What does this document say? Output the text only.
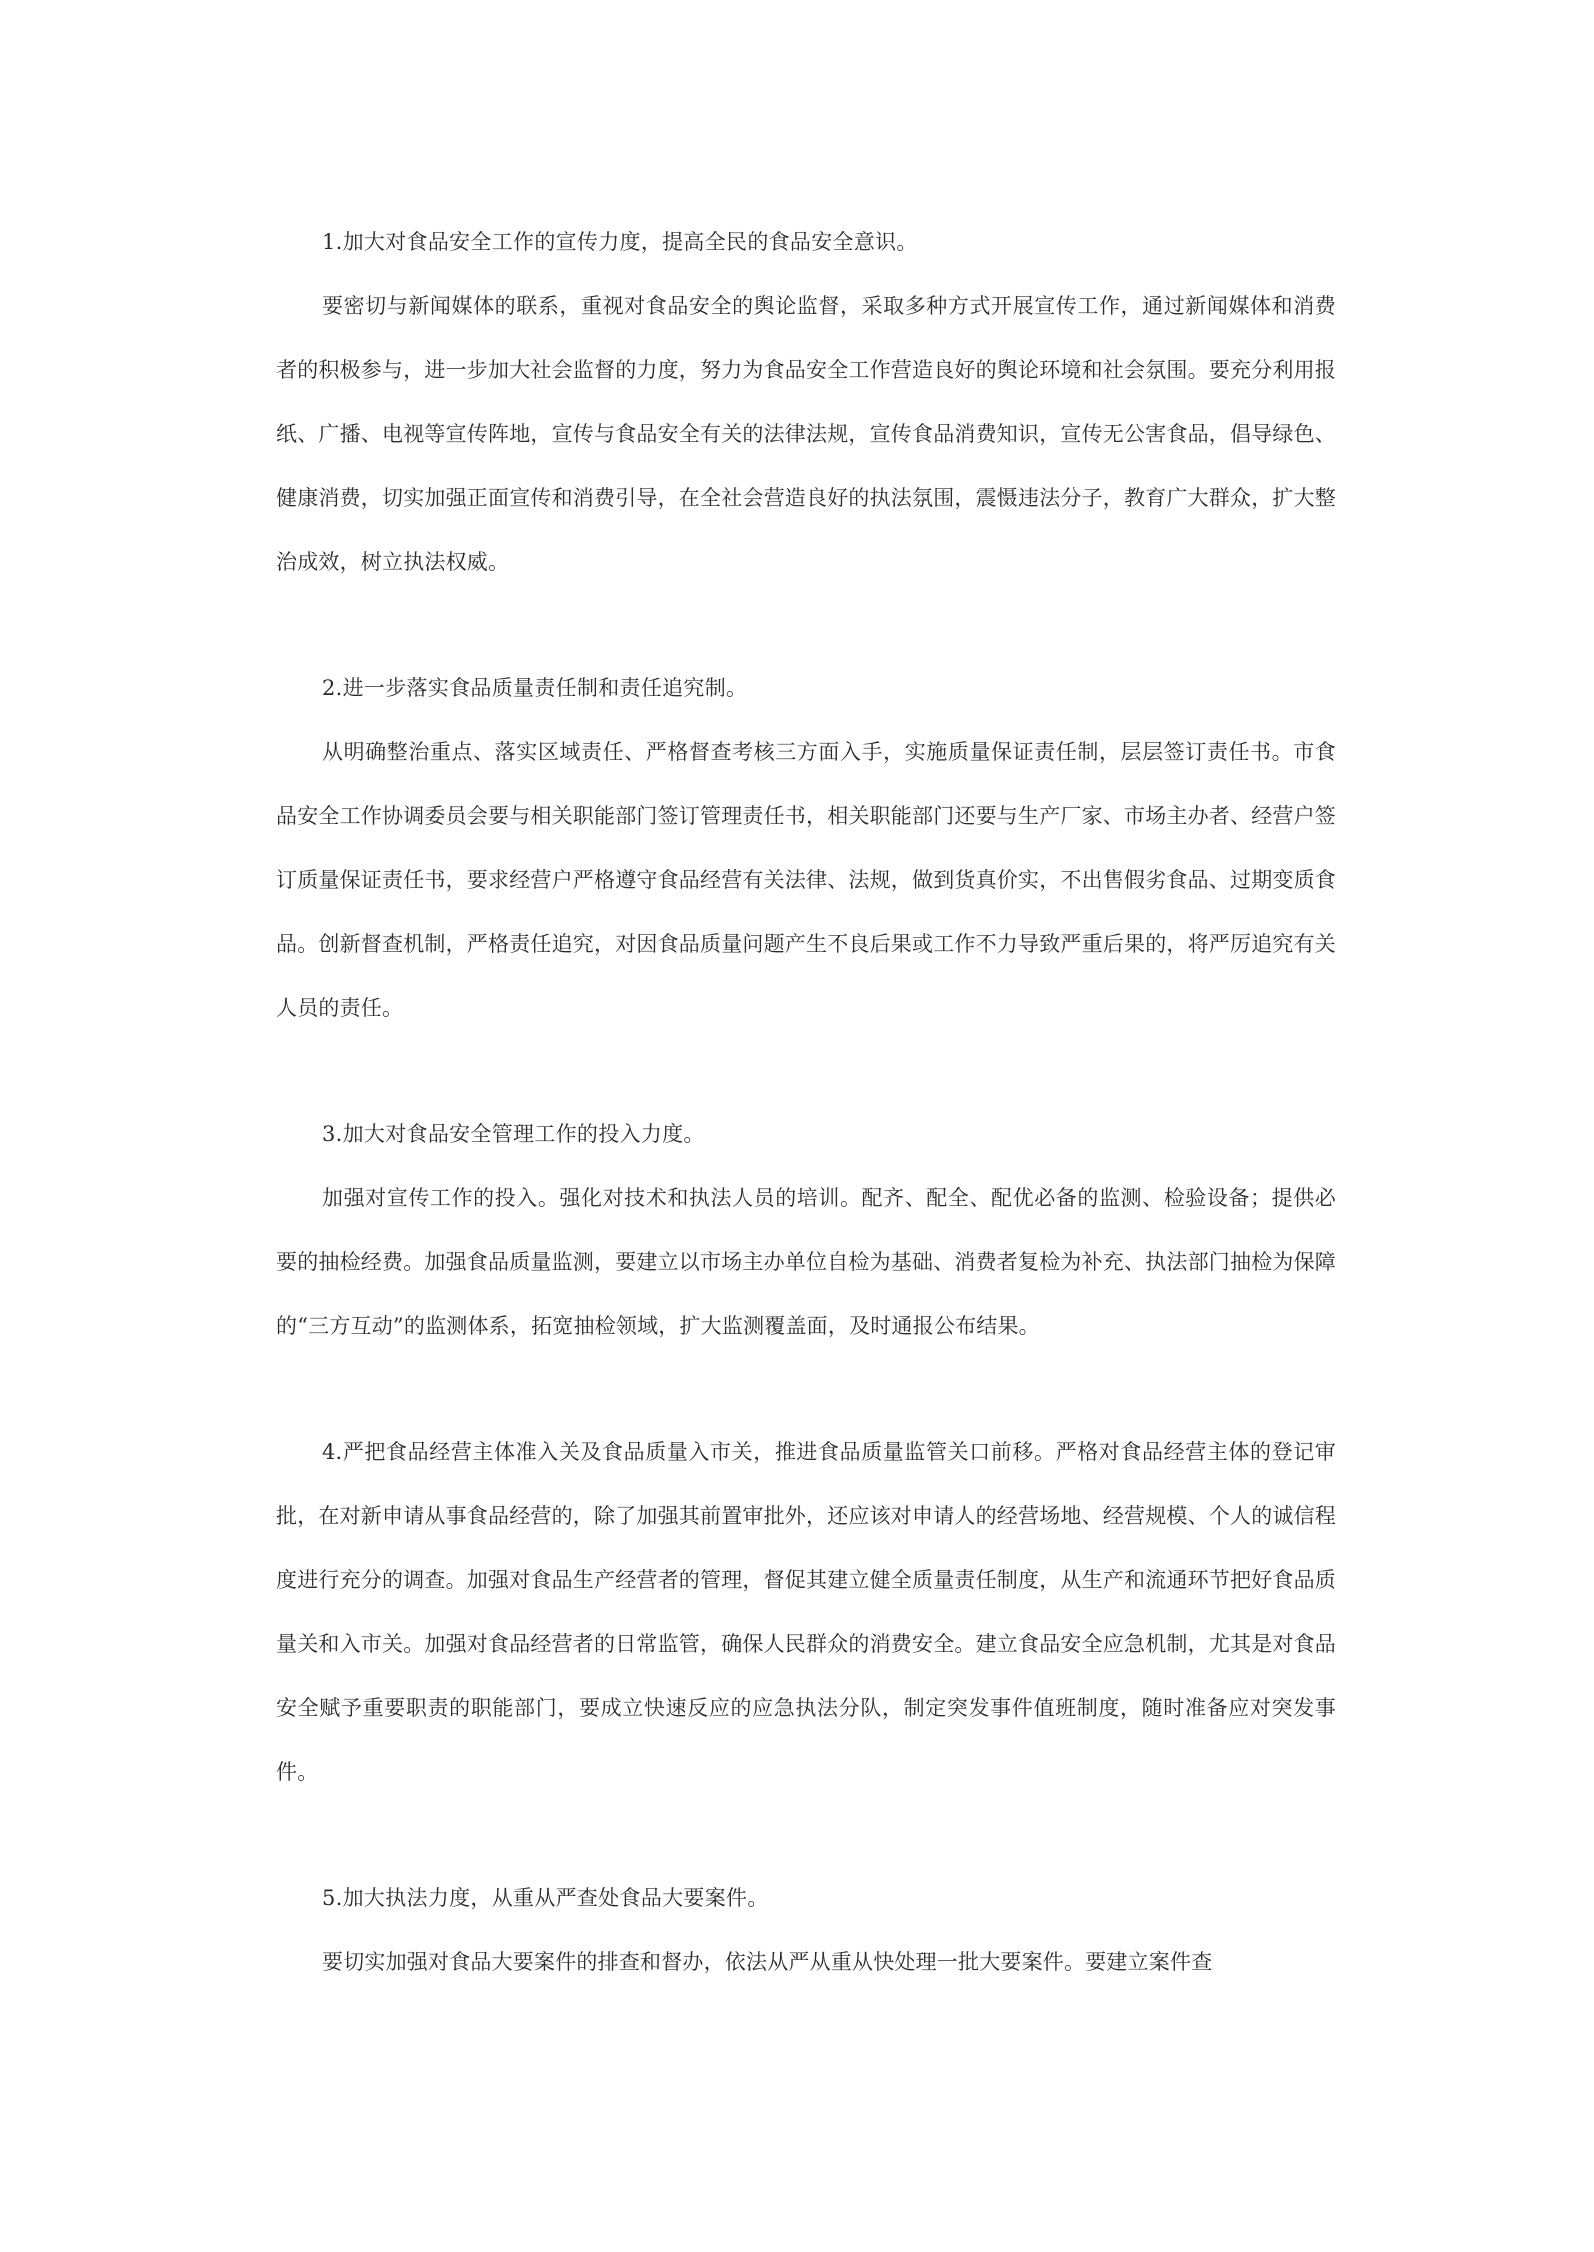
1.加大对食品安全工作的宣传力度，提高全民的食品安全意识。

要密切与新闻媒体的联系，重视对食品安全的舆论监督，采取多种方式开展宣传工作，通过新闻媒体和消费者的积极参与，进一步加大社会监督的力度，努力为食品安全工作营造良好的舆论环境和社会氛围。要充分利用报纸、广播、电视等宣传阵地，宣传与食品安全有关的法律法规，宣传食品消费知识，宣传无公害食品，倡导绿色、健康消费，切实加强正面宣传和消费引导，在全社会营造良好的执法氛围，震慑违法分子，教育广大群众，扩大整治成效，树立执法权威。

2.进一步落实食品质量责任制和责任追究制。

从明确整治重点、落实区域责任、严格督查考核三方面入手，实施质量保证责任制，层层签订责任书。市食品安全工作协调委员会要与相关职能部门签订管理责任书，相关职能部门还要与生产厂家、市场主办者、经营户签订质量保证责任书，要求经营户严格遵守食品经营有关法律、法规，做到货真价实，不出售假劣食品、过期变质食品。创新督查机制，严格责任追究，对因食品质量问题产生不良后果或工作不力导致严重后果的，将严厉追究有关人员的责任。

3.加大对食品安全管理工作的投入力度。

加强对宣传工作的投入。强化对技术和执法人员的培训。配齐、配全、配优必备的监测、检验设备；提供必要的抽检经费。加强食品质量监测，要建立以市场主办单位自检为基础、消费者复检为补充、执法部门抽检为保障的“三方互动”的监测体系，拓宽抽检领域，扩大监测覆盖面，及时通报公布结果。

4.严把食品经营主体准入关及食品质量入市关，推进食品质量监管关口前移。严格对食品经营主体的登记审批，在对新申请从事食品经营的，除了加强其前置审批外，还应该对申请人的经营场地、经营规模、个人的诚信程度进行充分的调查。加强对食品生产经营者的管理，督促其建立健全质量责任制度，从生产和流通环节把好食品质量关和入市关。加强对食品经营者的日常监管，确保人民群众的消费安全。建立食品安全应急机制，尤其是对食品安全赋予重要职责的职能部门，要成立快速反应的应急执法分队，制定突发事件值班制度，随时准备应对突发事件。

5.加大执法力度，从重从严查处食品大要案件。

要切实加强对食品大要案件的排查和督办，依法从严从重从快处理一批大要案件。要建立案件查
